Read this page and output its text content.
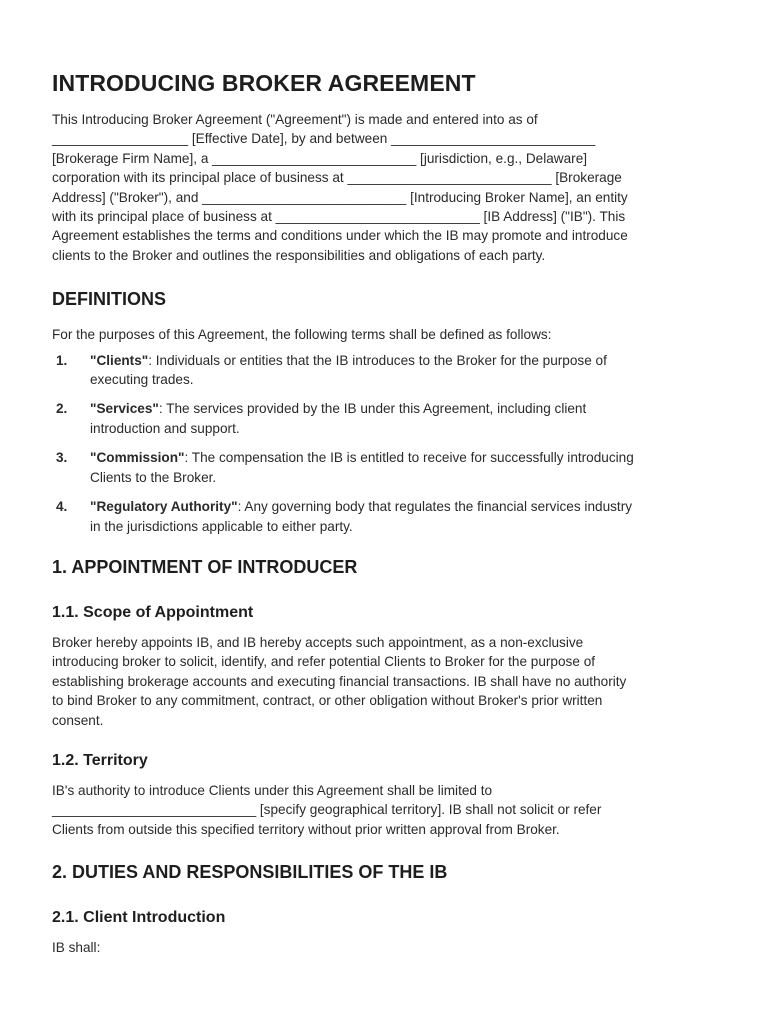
INTRODUCING BROKER AGREEMENT
This Introducing Broker Agreement ("Agreement") is made and entered into as of
__________________ [Effective Date], by and between ___________________________
[Brokerage Firm Name], a ___________________________ [jurisdiction, e.g., Delaware]
corporation with its principal place of business at ___________________________ [Brokerage
Address] ("Broker"), and ___________________________ [Introducing Broker Name], an entity
with its principal place of business at ___________________________ [IB Address] ("IB"). This
Agreement establishes the terms and conditions under which the IB may promote and introduce
clients to the Broker and outlines the responsibilities and obligations of each party.
DEFINITIONS

For the purposes of this Agreement, the following terms shall be defined as follows:

1. "Clients": Individuals or entities that the IB introduces to the Broker for the purpose of
executing trades.
2. "Services": The services provided by the IB under this Agreement, including client
introduction and support.
3. "Commission": The compensation the IB is entitled to receive for successfully introducing
Clients to the Broker.
4. "Regulatory Authority": Any governing body that regulates the financial services industry
in the jurisdictions applicable to either party.
1. APPOINTMENT OF INTRODUCER
1.1. Scope of Appointment
Broker hereby appoints IB, and IB hereby accepts such appointment, as a non-exclusive
introducing broker to solicit, identify, and refer potential Clients to Broker for the purpose of
establishing brokerage accounts and executing financial transactions. IB shall have no authority
to bind Broker to any commitment, contract, or other obligation without Broker's prior written
consent.
1.2. Territory
IB's authority to introduce Clients under this Agreement shall be limited to
___________________________ [specify geographical territory]. IB shall not solicit or refer
Clients from outside this specified territory without prior written approval from Broker.
2. DUTIES AND RESPONSIBILITIES OF THE IB
2.1. Client Introduction
IB shall:
